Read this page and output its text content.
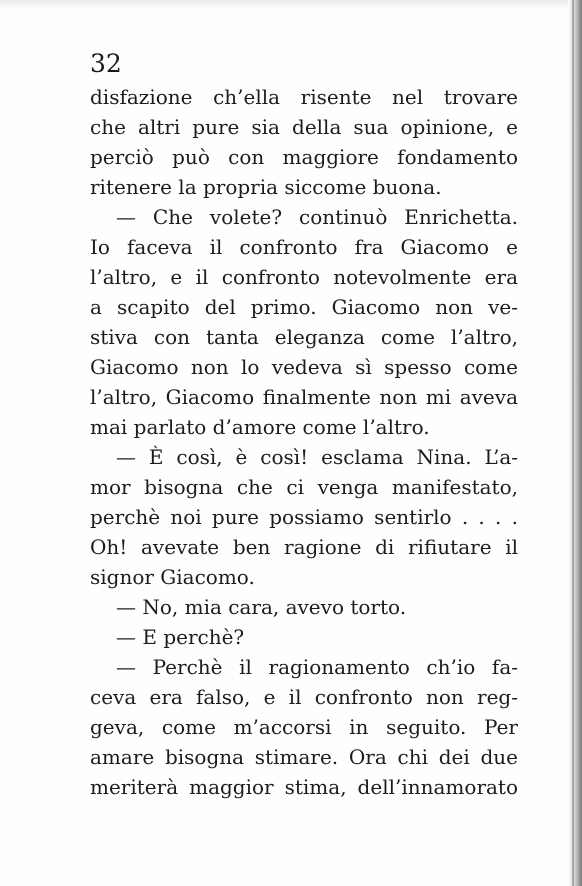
32

disfazione ch’ella risente nel trovare
che altri pure sia della sua opinione, e
perciò può con maggiore fondamento
ritenere la propria siccome buona.
— Che volete? continuò Enrichetta.
Io faceva il confronto fra Giacomo e
l’altro, e il confronto notevolmente era
a scapito del primo. Giacomo non ve-
stiva con tanta eleganza come l’altro,
Giacomo non lo vedeva sì spesso come
l’altro, Giacomo finalmente non mi aveva
mai parlato d’amore come l’altro.
— È così, è così! esclama Nina. L’a-
mor bisogna che ci venga manifestato,
perchè noi pure possiamo sentirlo . . . .
Oh! avevate ben ragione di rifiutare il
signor Giacomo.
— No, mia cara, avevo torto.
— E perchè?
— Perchè il ragionamento ch’io fa-
ceva era falso, e il confronto non reg-
geva, come m’accorsi in seguito. Per
amare bisogna stimare. Ora chi dei due
meriterà maggior stima, dell’innamorato
